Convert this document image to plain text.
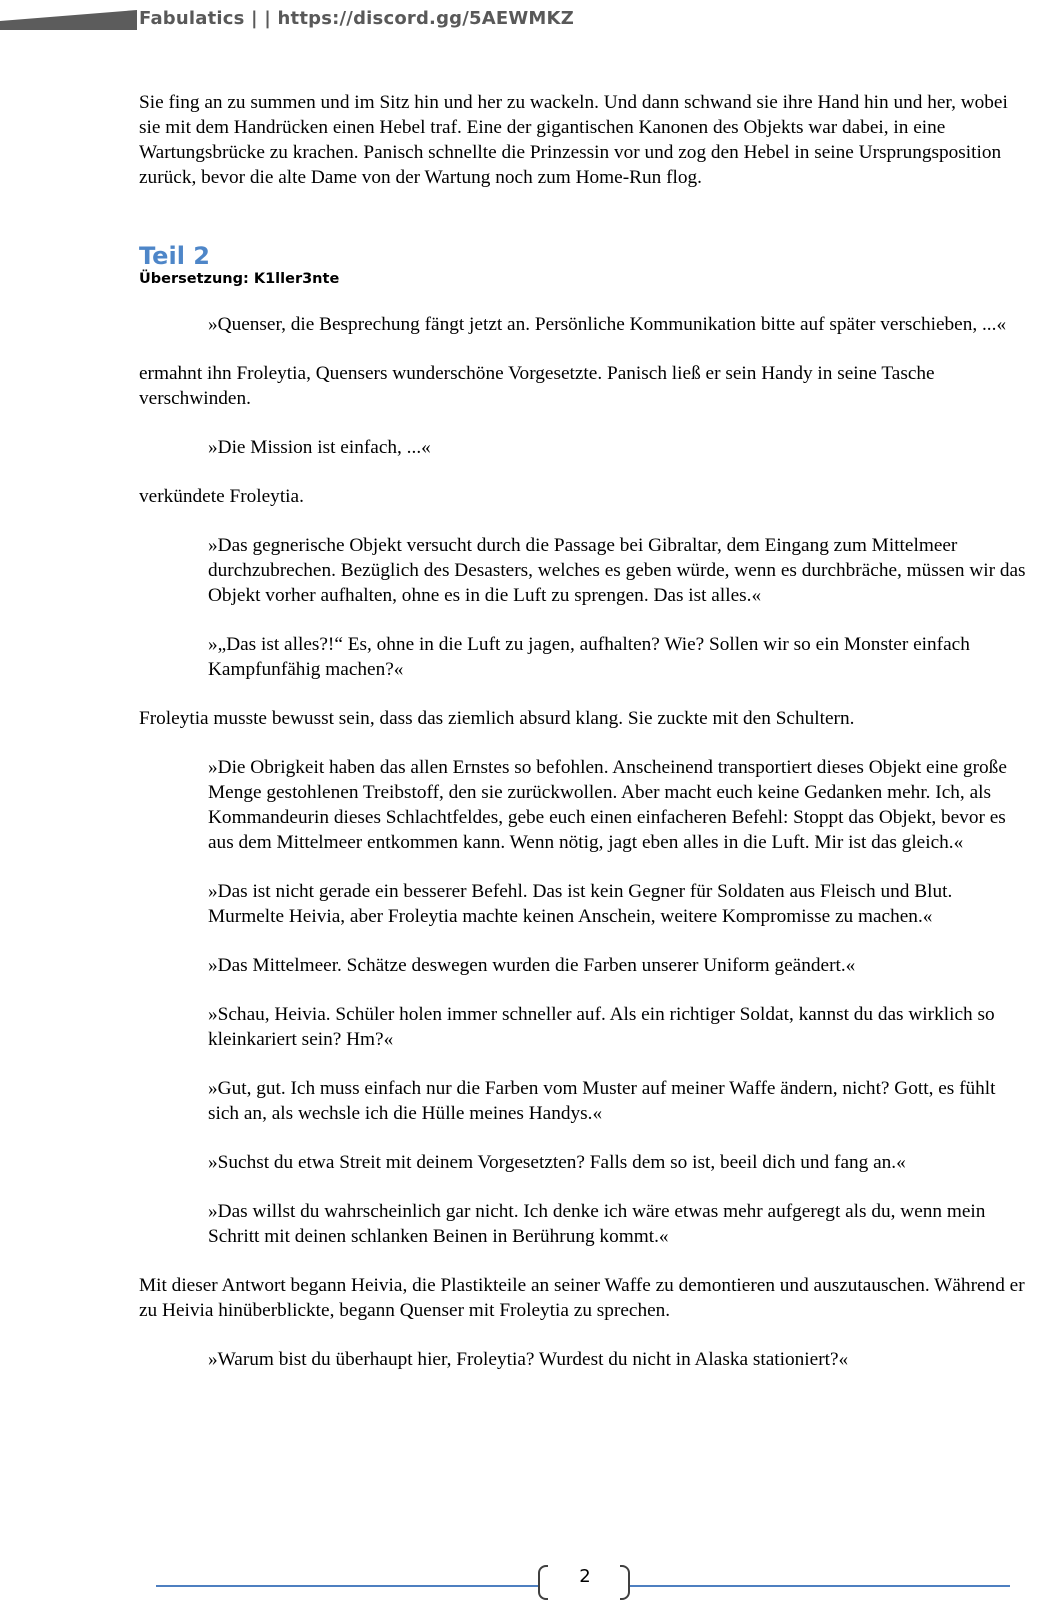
Fabulatics | | https://discord.gg/5AEWMKZ

Sie fing an zu summen und im Sitz hin und her zu wackeln. Und dann schwand sie ihre Hand hin und her, wobei sie mit dem Handrücken einen Hebel traf. Eine der gigantischen Kanonen des Objekts war dabei, in eine Wartungsbrücke zu krachen. Panisch schnellte die Prinzessin vor und zog den Hebel in seine Ursprungsposition zurück, bevor die alte Dame von der Wartung noch zum Home-Run flog.

Teil 2
Übersetzung: K1ller3nte

»Quenser, die Besprechung fängt jetzt an. Persönliche Kommunikation bitte auf später verschieben, ...«

ermahnt ihn Froleytia, Quensers wunderschöne Vorgesetzte. Panisch ließ er sein Handy in seine Tasche verschwinden.

»Die Mission ist einfach, ...«

verkündete Froleytia.

»Das gegnerische Objekt versucht durch die Passage bei Gibraltar, dem Eingang zum Mittelmeer durchzubrechen. Bezüglich des Desasters, welches es geben würde, wenn es durchbräche, müssen wir das Objekt vorher aufhalten, ohne es in die Luft zu sprengen. Das ist alles.«

»„Das ist alles?!“ Es, ohne in die Luft zu jagen, aufhalten? Wie? Sollen wir so ein Monster einfach Kampfunfähig machen?«

Froleytia musste bewusst sein, dass das ziemlich absurd klang. Sie zuckte mit den Schultern.

»Die Obrigkeit haben das allen Ernstes so befohlen. Anscheinend transportiert dieses Objekt eine große Menge gestohlenen Treibstoff, den sie zurückwollen. Aber macht euch keine Gedanken mehr. Ich, als Kommandeurin dieses Schlachtfeldes, gebe euch einen einfacheren Befehl: Stoppt das Objekt, bevor es aus dem Mittelmeer entkommen kann. Wenn nötig, jagt eben alles in die Luft. Mir ist das gleich.«

»Das ist nicht gerade ein besserer Befehl. Das ist kein Gegner für Soldaten aus Fleisch und Blut. Murmelte Heivia, aber Froleytia machte keinen Anschein, weitere Kompromisse zu machen.«

»Das Mittelmeer. Schätze deswegen wurden die Farben unserer Uniform geändert.«

»Schau, Heivia. Schüler holen immer schneller auf. Als ein richtiger Soldat, kannst du das wirklich so kleinkariert sein? Hm?«

»Gut, gut. Ich muss einfach nur die Farben vom Muster auf meiner Waffe ändern, nicht? Gott, es fühlt sich an, als wechsle ich die Hülle meines Handys.«

»Suchst du etwa Streit mit deinem Vorgesetzten? Falls dem so ist, beeil dich und fang an.«

»Das willst du wahrscheinlich gar nicht. Ich denke ich wäre etwas mehr aufgeregt als du, wenn mein Schritt mit deinen schlanken Beinen in Berührung kommt.«

Mit dieser Antwort begann Heivia, die Plastikteile an seiner Waffe zu demontieren und auszutauschen. Während er zu Heivia hinüberblickte, begann Quenser mit Froleytia zu sprechen.

»Warum bist du überhaupt hier, Froleytia? Wurdest du nicht in Alaska stationiert?«

2
